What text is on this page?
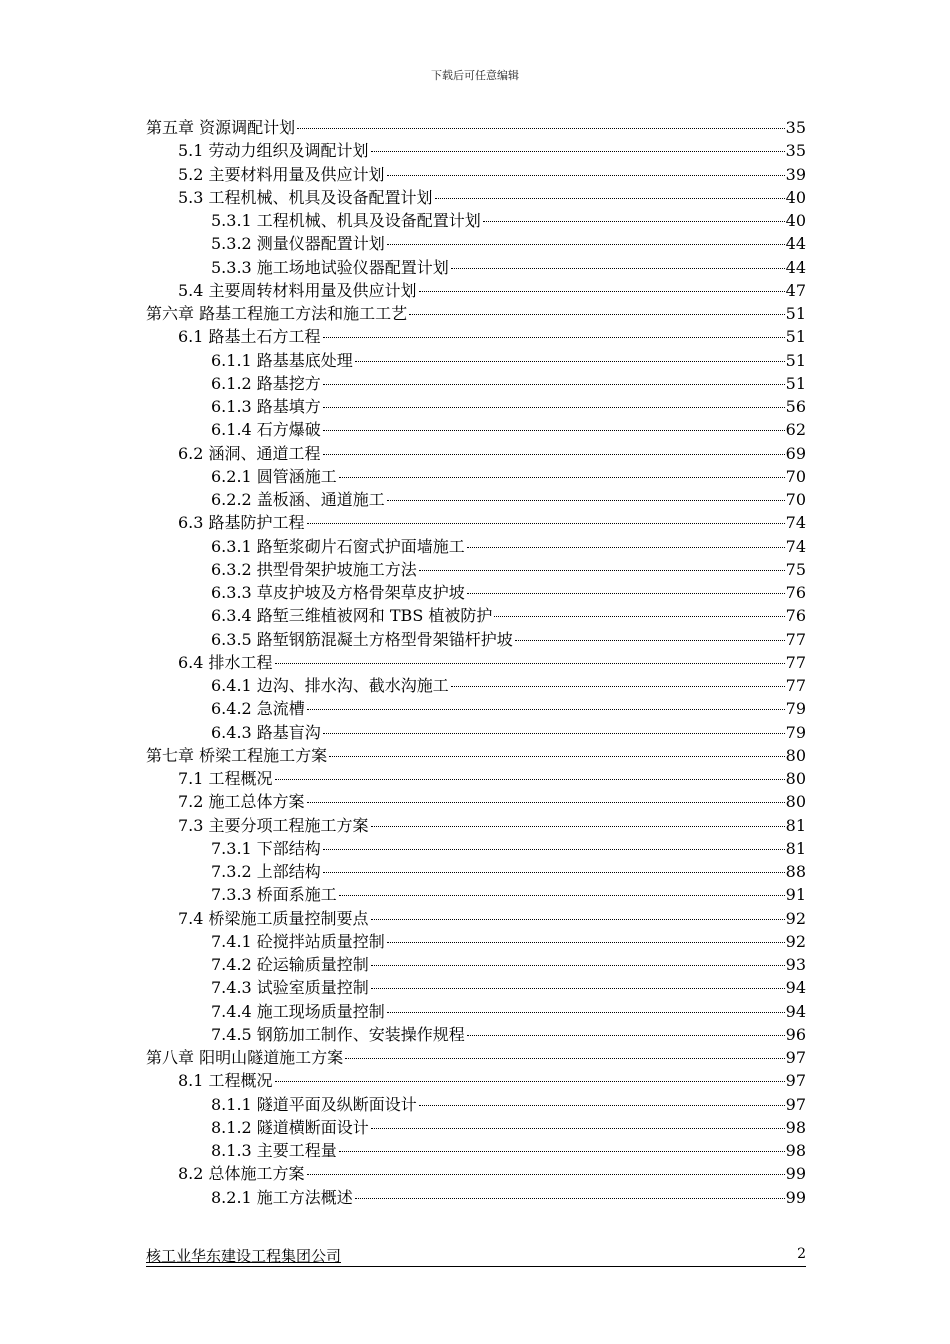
下载后可任意编辑
第五章 资源调配计划	35
5.1 劳动力组织及调配计划	35
5.2 主要材料用量及供应计划	39
5.3 工程机械、机具及设备配置计划	40
5.3.1 工程机械、机具及设备配置计划	40
5.3.2 测量仪器配置计划	44
5.3.3 施工场地试验仪器配置计划	44
5.4 主要周转材料用量及供应计划	47
第六章 路基工程施工方法和施工工艺	51
6.1 路基土石方工程	51
6.1.1 路基基底处理	51
6.1.2 路基挖方	51
6.1.3 路基填方	56
6.1.4 石方爆破	62
6.2 涵洞、通道工程	69
6.2.1 圆管涵施工	70
6.2.2 盖板涵、通道施工	70
6.3 路基防护工程	74
6.3.1 路堑浆砌片石窗式护面墙施工	74
6.3.2 拱型骨架护坡施工方法	75
6.3.3 草皮护坡及方格骨架草皮护坡	76
6.3.4 路堑三维植被网和 TBS 植被防护	76
6.3.5 路堑钢筋混凝土方格型骨架锚杆护坡	77
6.4 排水工程	77
6.4.1 边沟、排水沟、截水沟施工	77
6.4.2 急流槽	79
6.4.3 路基盲沟	79
第七章 桥梁工程施工方案	80
7.1 工程概况	80
7.2 施工总体方案	80
7.3 主要分项工程施工方案	81
7.3.1 下部结构	81
7.3.2 上部结构	88
7.3.3 桥面系施工	91
7.4 桥梁施工质量控制要点	92
7.4.1 砼搅拌站质量控制	92
7.4.2 砼运输质量控制	93
7.4.3 试验室质量控制	94
7.4.4 施工现场质量控制	94
7.4.5 钢筋加工制作、安装操作规程	96
第八章 阳明山隧道施工方案	97
8.1 工程概况	97
8.1.1 隧道平面及纵断面设计	97
8.1.2 隧道横断面设计	98
8.1.3 主要工程量	98
8.2 总体施工方案	99
8.2.1 施工方法概述	99
核工业华东建设工程集团公司	2
